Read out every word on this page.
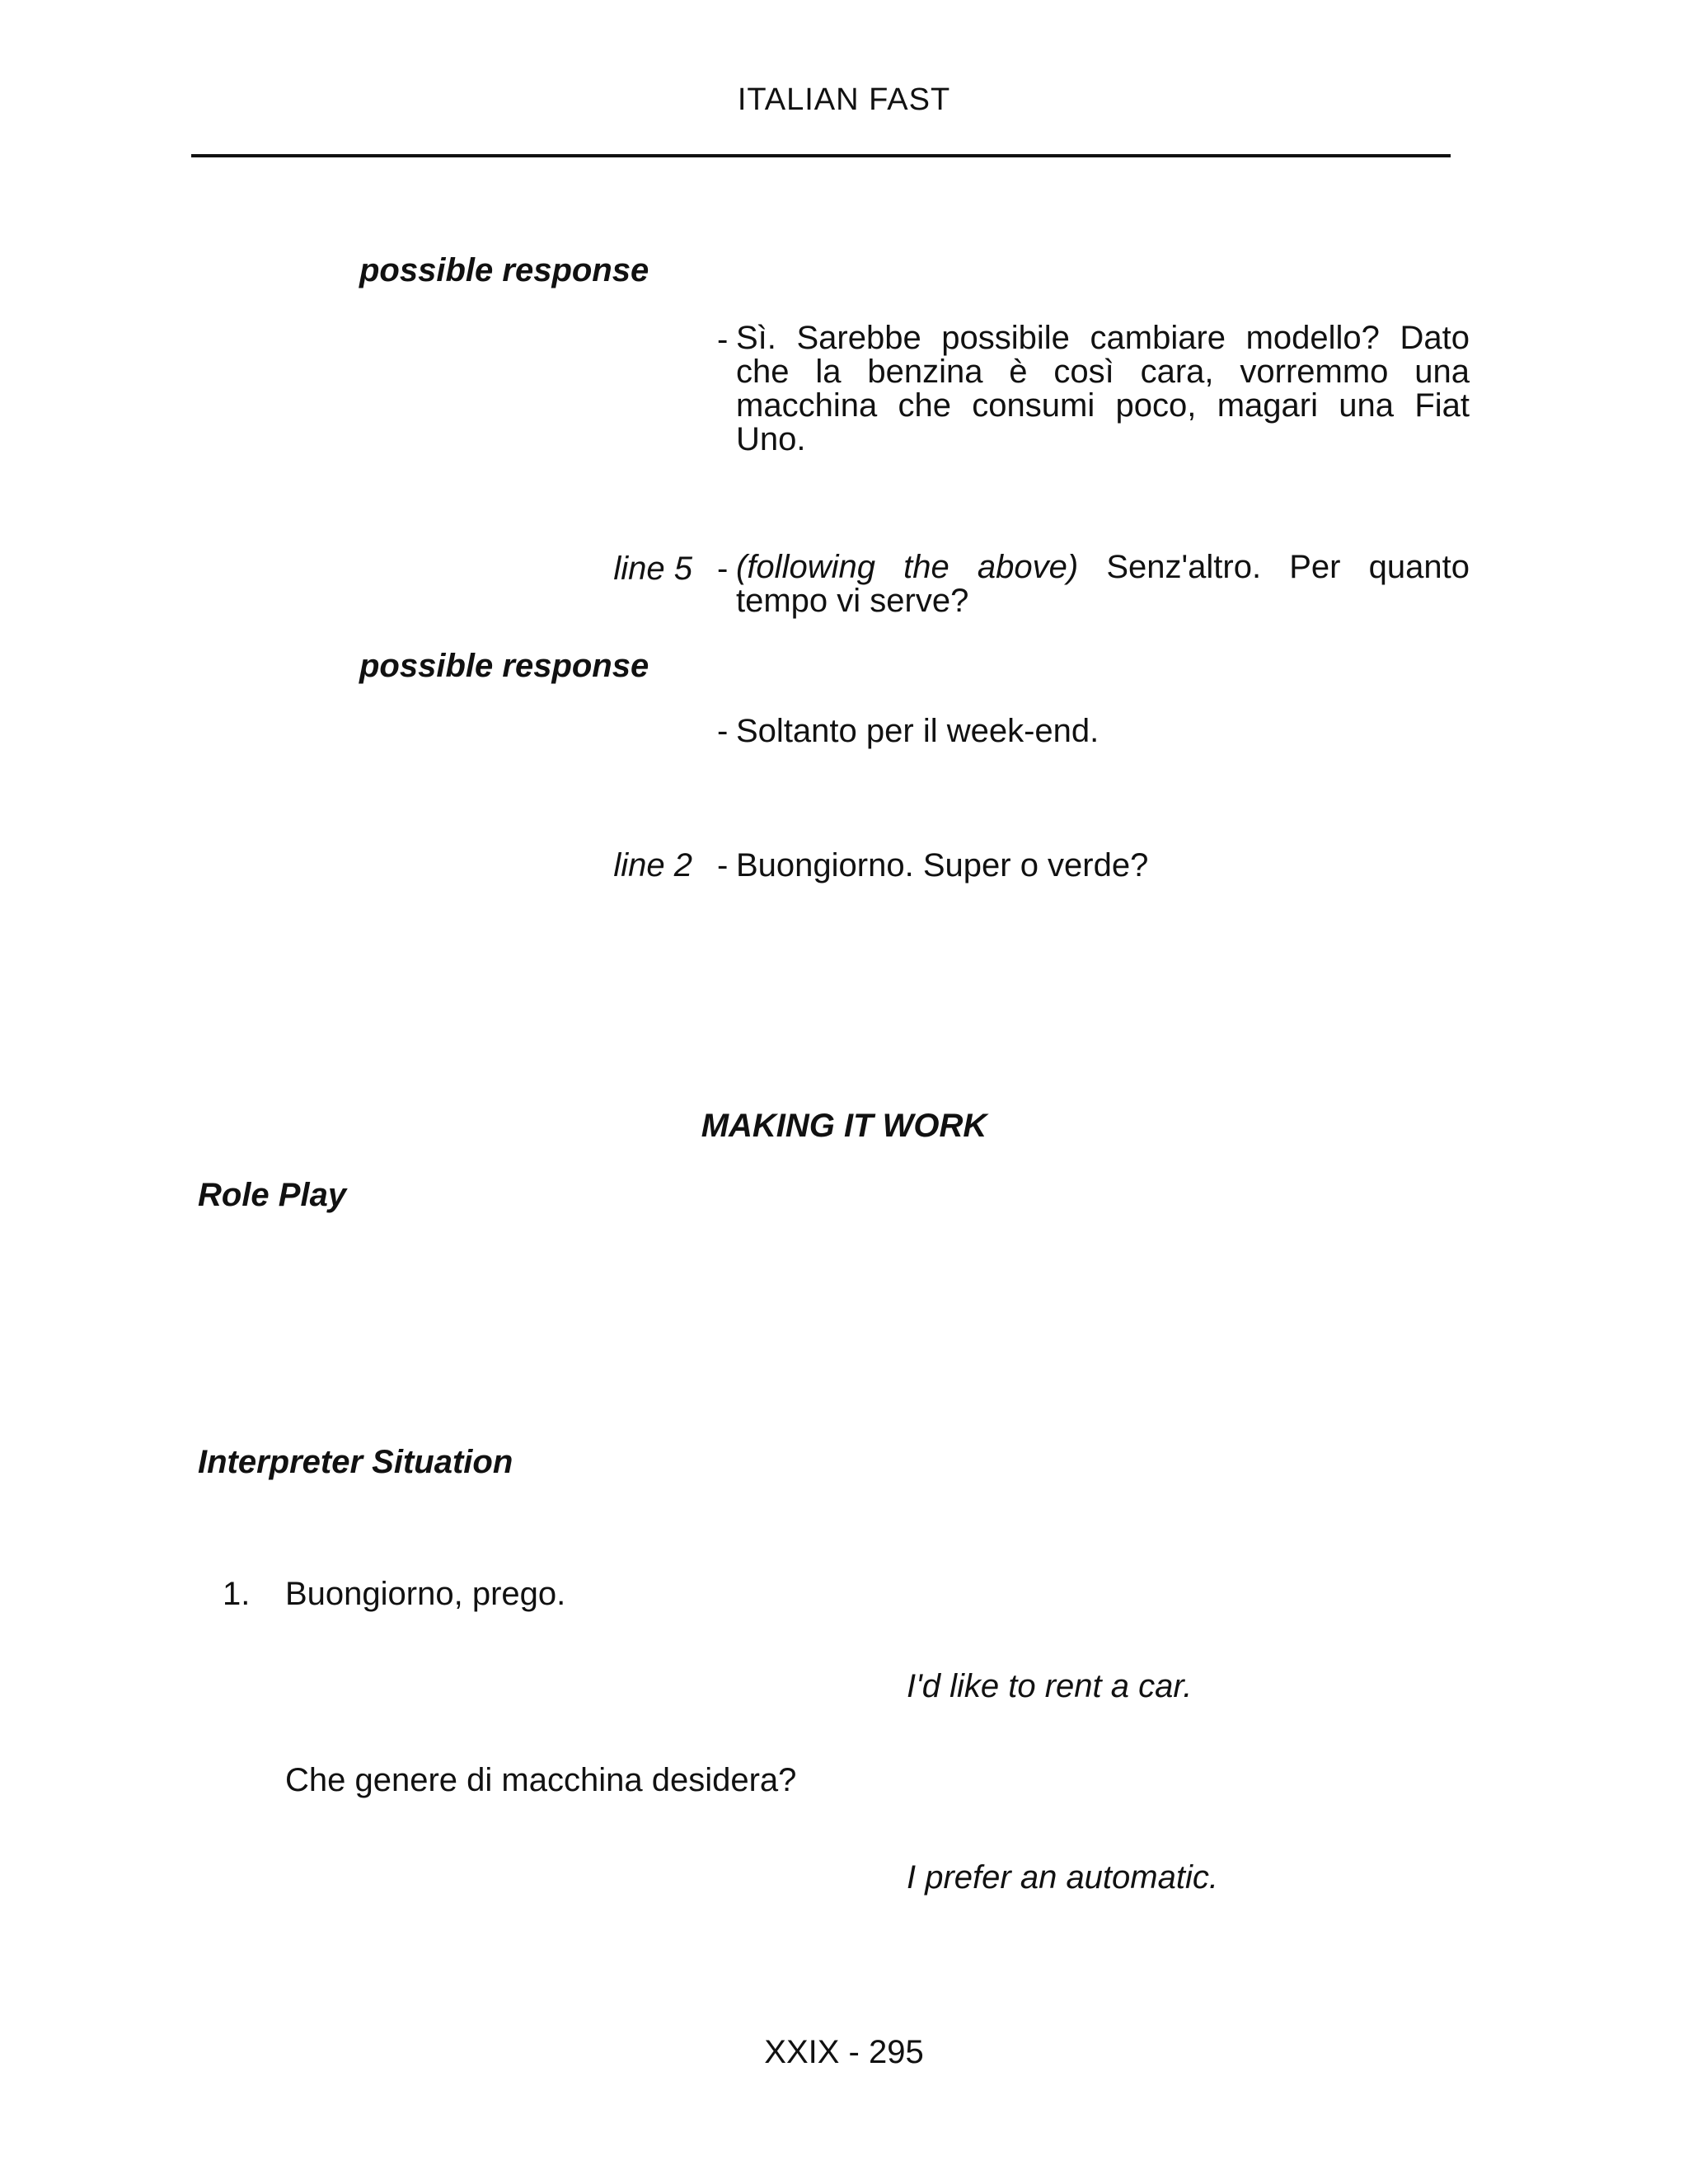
ITALIAN FAST
possible response
- Sì. Sarebbe possibile cambiare modello? Dato che la benzina è così cara, vorremmo una macchina che consumi poco, magari una Fiat Uno.
line 5 - (following the above) Senz'altro. Per quanto tempo vi serve?
possible response
- Soltanto per il week-end.
line 2 - Buongiorno. Super o verde?
MAKING IT WORK
Role Play
Interpreter Situation
1. Buongiorno, prego.
I'd like to rent a car.
Che genere di macchina desidera?
I prefer an automatic.
XXIX - 295
